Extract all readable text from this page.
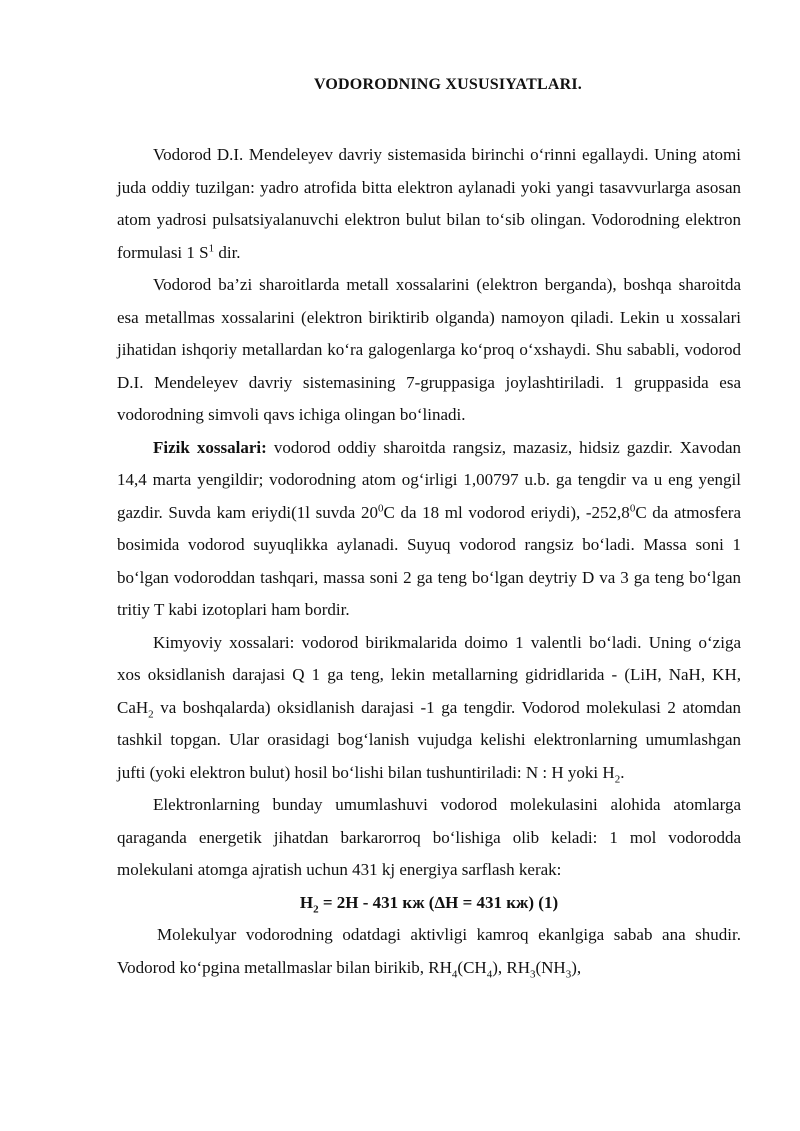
VODORODNING XUSUSIYATLARI.

Vodorod D.I. Mendeleyev davriy sistemasida birinchi o‘rinni egallaydi. Uning atomi juda oddiy tuzilgan: yadro atrofida bitta elektron aylanadi yoki yangi tasavvurlarga asosan atom yadrosi pulsatsiyalanuvchi elektron bulut bilan to‘sib olingan. Vodorodning elektron formulasi 1 $S^1$ dir.

Vodorod ba’zi sharoitlarda metall xossalarini (elektron berganda), boshqa sharoitda esa metallmas xossalarini (elektron biriktirib olganda) namoyon qiladi. Lekin u xossalari jihatidan ishqoriy metallardan ko‘ra galogenlarga ko‘proq o‘xshaydi. Shu sababli, vodorod D.I. Mendeleyev davriy sistemasining 7-gruppasiga joylashtiriladi. 1 gruppasida esa vodorodning simvoli qavs ichiga olingan bo‘linadi.

Fizik xossalari: vodorod oddiy sharoitda rangsiz, mazasiz, hidsiz gazdir. Xavodan 14,4 marta yengildir; vodorodning atom og‘irligi 1,00797 u.b. ga tengdir va u eng yengil gazdir. Suvda kam eriydi(1l suvda $20^0C$ da 18 ml vodorod eriydi), -252,8$^0$C da atmosfera bosimida vodorod suyuqlikka aylanadi. Suyuq vodorod rangsiz bo‘ladi. Massa soni 1 bo‘lgan vodoroddan tashqari, massa soni 2 ga teng bo‘lgan deytriy D va 3 ga teng bo‘lgan tritiy T kabi izotoplari ham bordir.

Kimyoviy xossalari: vodorod birikmalarida doimo 1 valentli bo‘ladi. Uning o‘ziga xos oksidlanish darajasi Q 1 ga teng, lekin metallarning gidridlarida - (LiH, NaH, KH, CaH$_2$ va boshqalarda) oksidlanish darajasi -1 ga tengdir. Vodorod molekulasi 2 atomdan tashkil topgan. Ular orasidagi bog‘lanish vujudga kelishi elektronlarning umumlashgan jufti (yoki elektron bulut) hosil bo‘lishi bilan tushuntiriladi: N : H yoki $H_2$.

Elektronlarning bunday umumlashuvi vodorod molekulasini alohida atomlarga qaraganda energetik jihatdan barkarorroq bo‘lishiga olib keladi: 1 mol vodorodda molekulani atomga ajratish uchun 431 kj energiya sarflash kerak:

$H_2 = 2H - 431$ кж (ΔH = 431 кж) (1)

Molekulyar vodorodning odatdagi aktivligi kamroq ekanlgiga sabab ana shudir. Vodorod ko‘pgina metallmaslar bilan birikib, $RH_4(CH_4)$, $RH_3(NH_3)$,
